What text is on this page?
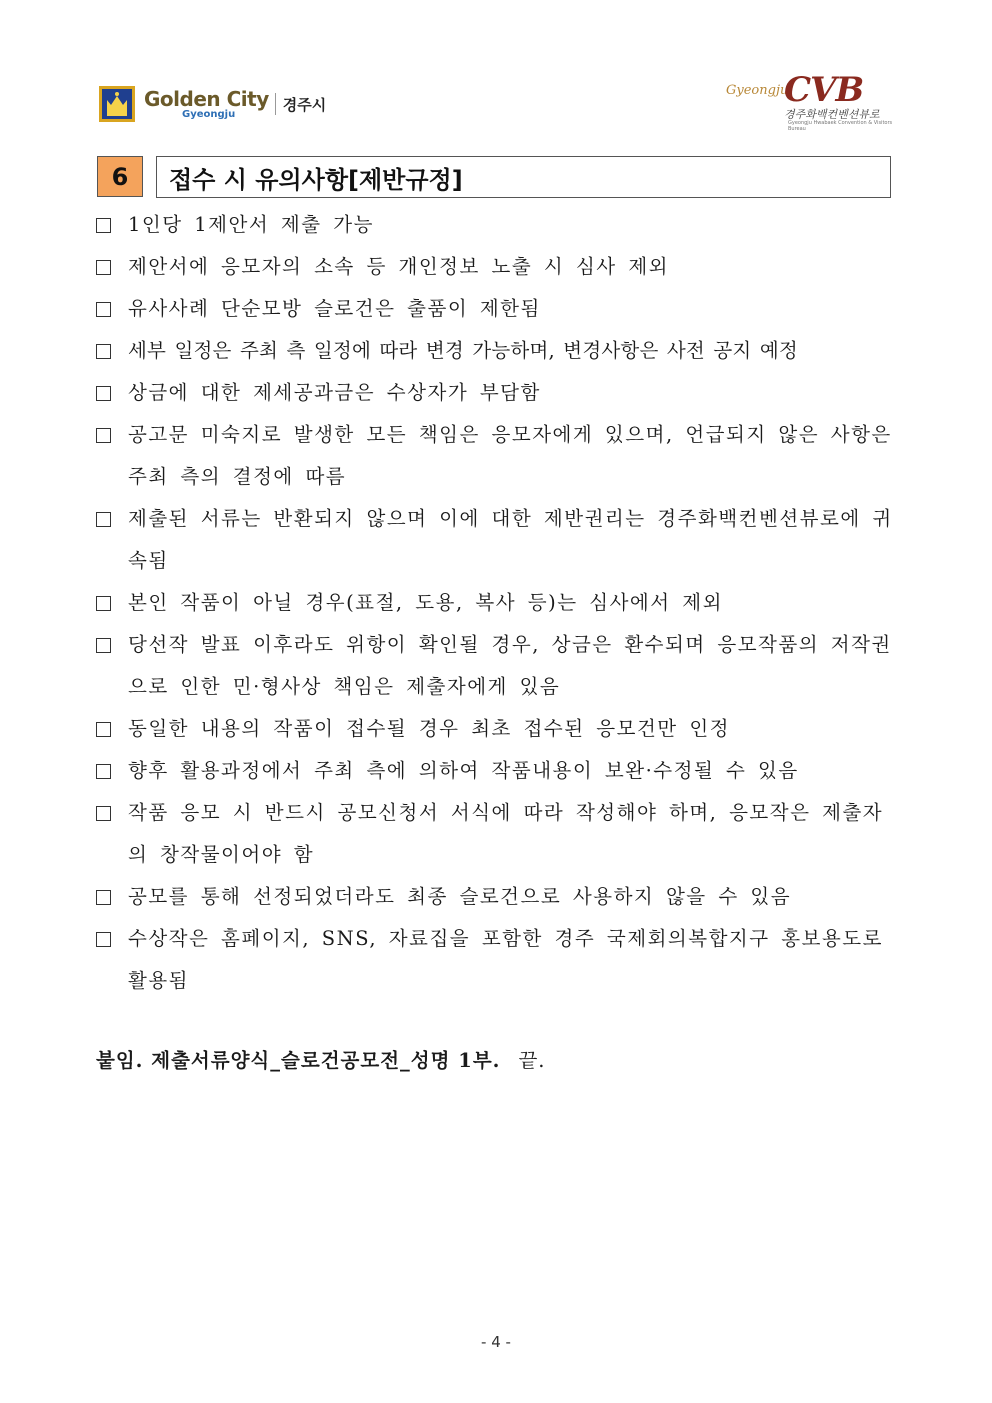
Golden City
Gyeongju
경주시
Gyeongju
CVB
경주화백컨벤션뷰로
Gyeongju Hwabaek Convention & Visitors Bureau
6	접수 시 유의사항[제반규정]
1인당 1제안서 제출 가능
제안서에 응모자의 소속 등 개인정보 노출 시 심사 제외
유사사례 단순모방 슬로건은 출품이 제한됨
세부 일정은 주최 측 일정에 따라 변경 가능하며, 변경사항은 사전 공지 예정
상금에 대한 제세공과금은 수상자가 부담함
공고문 미숙지로 발생한 모든 책임은 응모자에게 있으며, 언급되지 않은 사항은 주최 측의 결정에 따름
제출된 서류는 반환되지 않으며 이에 대한 제반권리는 경주화백컨벤션뷰로에 귀속됨
본인 작품이 아닐 경우(표절, 도용, 복사 등)는 심사에서 제외
당선작 발표 이후라도 위항이 확인될 경우, 상금은 환수되며 응모작품의 저작권으로 인한 민·형사상 책임은 제출자에게 있음
동일한 내용의 작품이 접수될 경우 최초 접수된 응모건만 인정
향후 활용과정에서 주최 측에 의하여 작품내용이 보완·수정될 수 있음
작품 응모 시 반드시 공모신청서 서식에 따라 작성해야 하며, 응모작은 제출자의 창작물이어야 함
공모를 통해 선정되었더라도 최종 슬로건으로 사용하지 않을 수 있음
수상작은 홈페이지, SNS, 자료집을 포함한 경주 국제회의복합지구 홍보용도로 활용됨
붙임. 제출서류양식_슬로건공모전_성명 1부. 끝.
- 4 -
